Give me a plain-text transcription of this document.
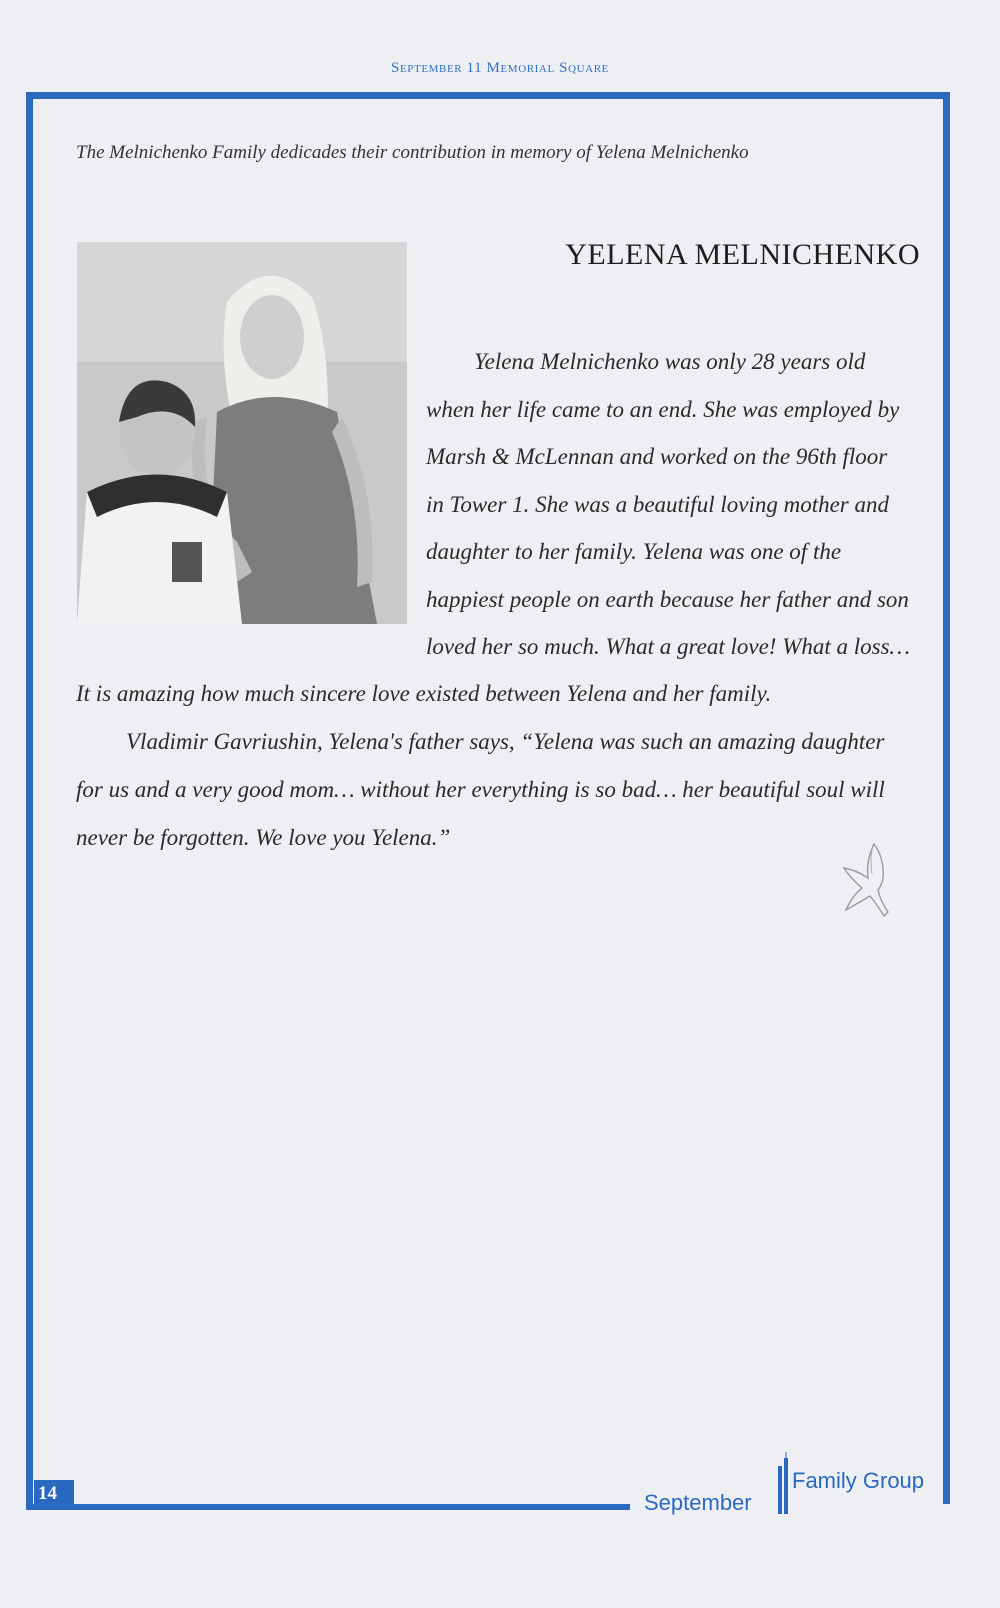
September 11 Memorial Square
14
The Melnichenko Family dedicades their contribution in memory of Yelena Melnichenko
YELENA MELNICHENKO
Yelena Melnichenko was only 28 years old
when her life came to an end. She was employed by
Marsh & McLennan and worked on the 96th floor
in Tower 1. She was a beautiful loving mother and
daughter to her family. Yelena was one of the
happiest people on earth because her father and son
loved her so much. What a great love! What a loss…
It is amazing how much sincere love existed between Yelena and her family.
Vladimir Gavriushin, Yelena's father says, “Yelena was such an amazing daughter
for us and a very good mom… without her everything is so bad… her beautiful soul will
never be forgotten. We love you Yelena.”
September
Family Group
